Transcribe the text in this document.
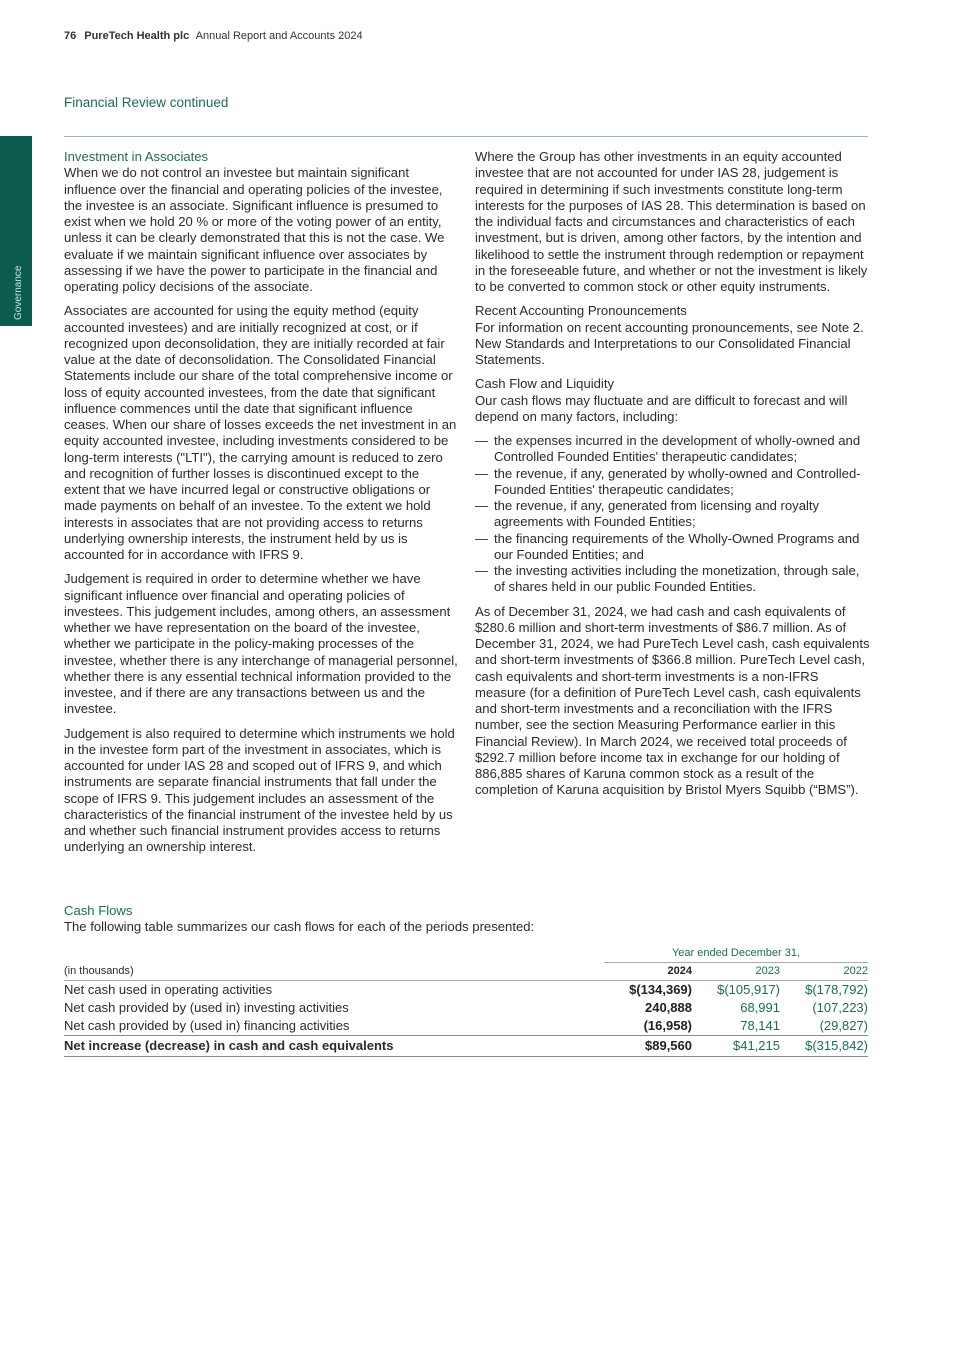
76 PureTech Health plc Annual Report and Accounts 2024
Financial Review continued
Governance

Investment in Associates
When we do not control an investee but maintain significant influence over the financial and operating policies of the investee, the investee is an associate. Significant influence is presumed to exist when we hold 20 % or more of the voting power of an entity, unless it can be clearly demonstrated that this is not the case. We evaluate if we maintain significant influence over associates by assessing if we have the power to participate in the financial and operating policy decisions of the associate.

Associates are accounted for using the equity method (equity accounted investees) and are initially recognized at cost, or if recognized upon deconsolidation, they are initially recorded at fair value at the date of deconsolidation. The Consolidated Financial Statements include our share of the total comprehensive income or loss of equity accounted investees, from the date that significant influence commences until the date that significant influence ceases. When our share of losses exceeds the net investment in an equity accounted investee, including investments considered to be long-term interests ("LTI"), the carrying amount is reduced to zero and recognition of further losses is discontinued except to the extent that we have incurred legal or constructive obligations or made payments on behalf of an investee. To the extent we hold interests in associates that are not providing access to returns underlying ownership interests, the instrument held by us is accounted for in accordance with IFRS 9.

Judgement is required in order to determine whether we have significant influence over financial and operating policies of investees. This judgement includes, among others, an assessment whether we have representation on the board of the investee, whether we participate in the policy-making processes of the investee, whether there is any interchange of managerial personnel, whether there is any essential technical information provided to the investee, and if there are any transactions between us and the investee.

Judgement is also required to determine which instruments we hold in the investee form part of the investment in associates, which is accounted for under IAS 28 and scoped out of IFRS 9, and which instruments are separate financial instruments that fall under the scope of IFRS 9. This judgement includes an assessment of the characteristics of the financial instrument of the investee held by us and whether such financial instrument provides access to returns underlying an ownership interest.

Where the Group has other investments in an equity accounted investee that are not accounted for under IAS 28, judgement is required in determining if such investments constitute long-term interests for the purposes of IAS 28. This determination is based on the individual facts and circumstances and characteristics of each investment, but is driven, among other factors, by the intention and likelihood to settle the instrument through redemption or repayment in the foreseeable future, and whether or not the investment is likely to be converted to common stock or other equity instruments.

Recent Accounting Pronouncements
For information on recent accounting pronouncements, see Note 2. New Standards and Interpretations to our Consolidated Financial Statements.

Cash Flow and Liquidity
Our cash flows may fluctuate and are difficult to forecast and will depend on many factors, including:

— the expenses incurred in the development of wholly-owned and Controlled Founded Entities' therapeutic candidates;
— the revenue, if any, generated by wholly-owned and Controlled-Founded Entities' therapeutic candidates;
— the revenue, if any, generated from licensing and royalty agreements with Founded Entities;
— the financing requirements of the Wholly-Owned Programs and our Founded Entities; and
— the investing activities including the monetization, through sale, of shares held in our public Founded Entities.

As of December 31, 2024, we had cash and cash equivalents of $280.6 million and short-term investments of $86.7 million. As of December 31, 2024, we had PureTech Level cash, cash equivalents and short-term investments of $366.8 million. PureTech Level cash, cash equivalents and short-term investments is a non-IFRS measure (for a definition of PureTech Level cash, cash equivalents and short-term investments and a reconciliation with the IFRS number, see the section Measuring Performance earlier in this Financial Review). In March 2024, we received total proceeds of $292.7 million before income tax in exchange for our holding of 886,885 shares of Karuna common stock as a result of the completion of Karuna acquisition by Bristol Myers Squibb (“BMS”).

Cash Flows
The following table summarizes our cash flows for each of the periods presented:
	Year ended December 31,		
(in thousands)	2024	2023	2022
Net cash used in operating activities	$(134,369)	$(105,917)	$(178,792)
Net cash provided by (used in) investing activities	240,888	68,991	(107,223)
Net cash provided by (used in) financing activities	(16,958)	78,141	(29,827)
Net increase (decrease) in cash and cash equivalents	$89,560	$41,215	$(315,842)
